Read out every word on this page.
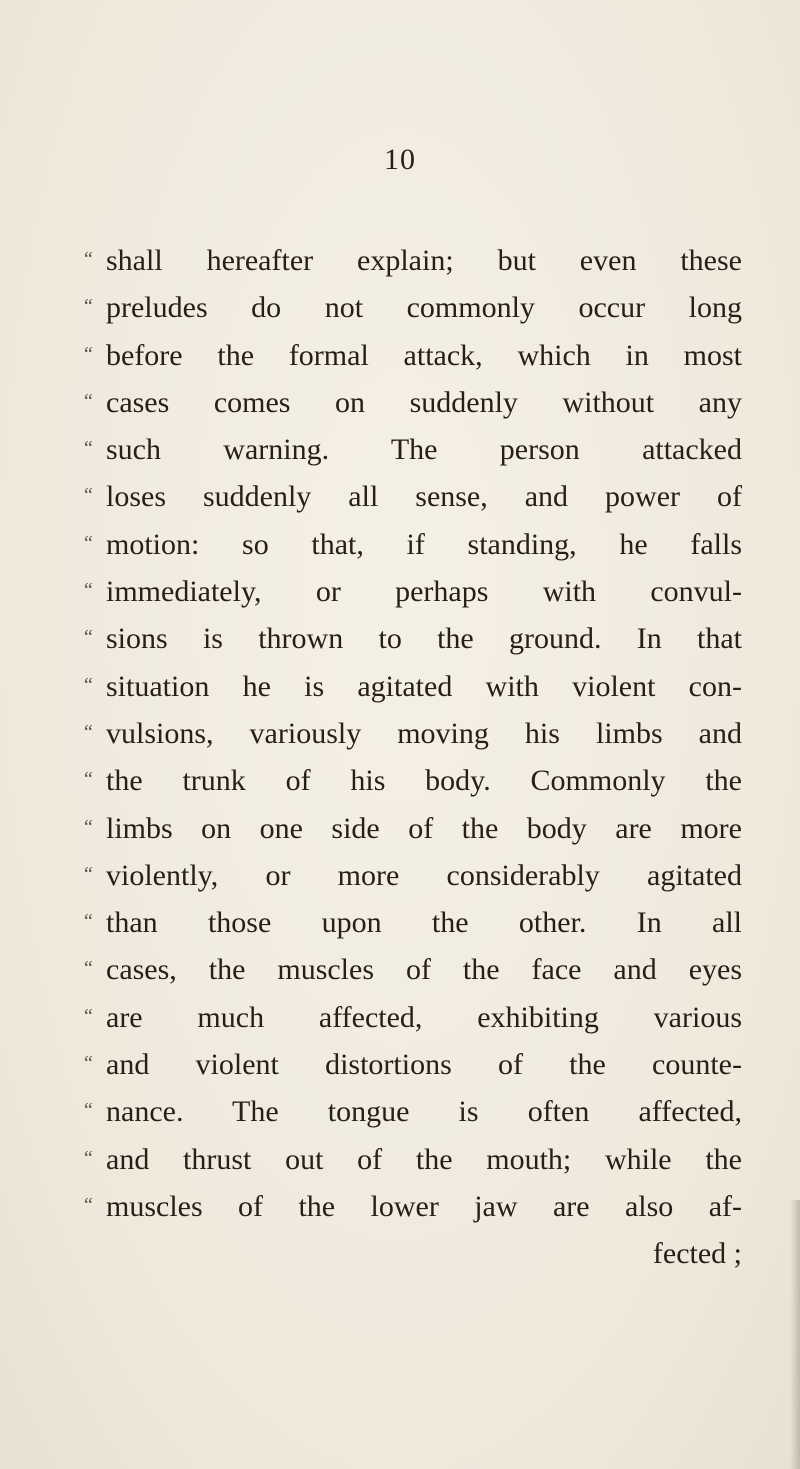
10
“ shall hereafter explain; but even these
“ preludes do not commonly occur long
“ before the formal attack, which in most
“ cases comes on suddenly without any
“ such warning. The person attacked
“ loses suddenly all sense, and power of
“ motion: so that, if standing, he falls
“ immediately, or perhaps with convul-
“ sions is thrown to the ground. In that
“ situation he is agitated with violent con-
“ vulsions, variously moving his limbs and
“ the trunk of his body. Commonly the
“ limbs on one side of the body are more
“ violently, or more considerably agitated
“ than those upon the other. In all
“ cases, the muscles of the face and eyes
“ are much affected, exhibiting various
“ and violent distortions of the counte-
“ nance. The tongue is often affected,
“ and thrust out of the mouth; while the
“ muscles of the lower jaw are also af-
fected ;
